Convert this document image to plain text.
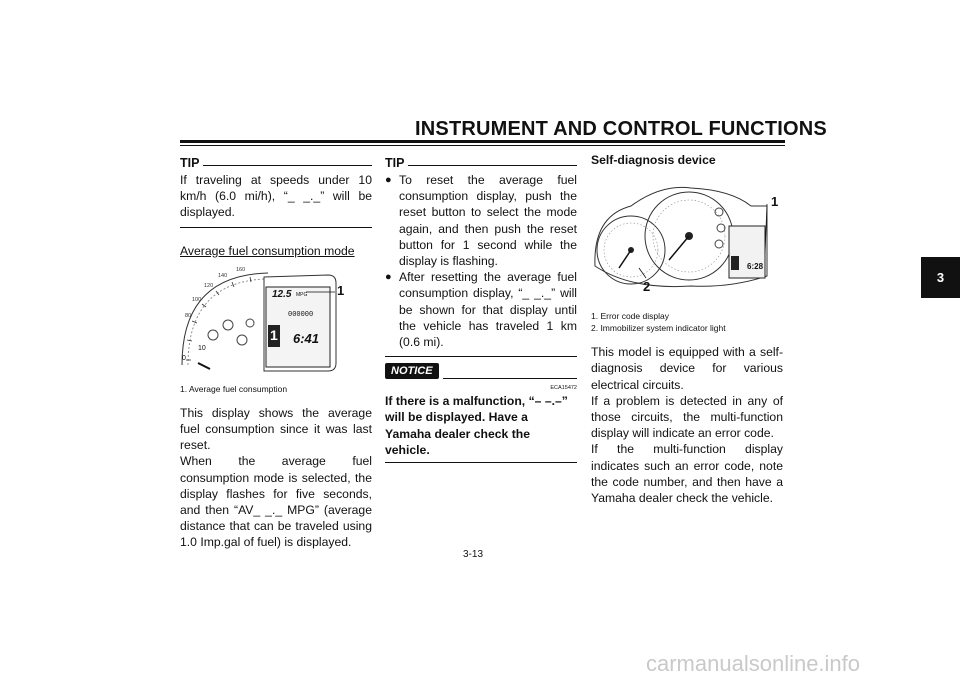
INSTRUMENT AND CONTROL FUNCTIONS
3
TIP
If traveling at speeds under 10 km/h (6.0 mi/h), “_ _._” will be displayed.
Average fuel consumption mode
160
140
120
100
80
10
0
12.5 MPG
000000
1 6:41
1
1. Average fuel consumption
This display shows the average fuel consumption since it was last reset.
When the average fuel consumption mode is selected, the display flashes for five seconds, and then “AV_ _._ MPG” (average distance that can be traveled using 1.0 Imp.gal of fuel) is displayed.
TIP
● To reset the average fuel consumption display, push the reset button to select the mode again, and then push the reset button for 1 second while the display is flashing.
● After resetting the average fuel consumption display, “_ _._” will be shown for that display until the vehicle has traveled 1 km (0.6 mi).
NOTICE
ECA15472
If there is a malfunction, “– –.–” will be displayed. Have a Yamaha dealer check the vehicle.
Self-diagnosis device
6:28
1
2
1. Error code display
2. Immobilizer system indicator light
This model is equipped with a self-diagnosis device for various electrical circuits.
If a problem is detected in any of those circuits, the multi-function display will indicate an error code.
If the multi-function display indicates such an error code, note the code number, and then have a Yamaha dealer check the vehicle.
3-13
carmanualsonline.info
